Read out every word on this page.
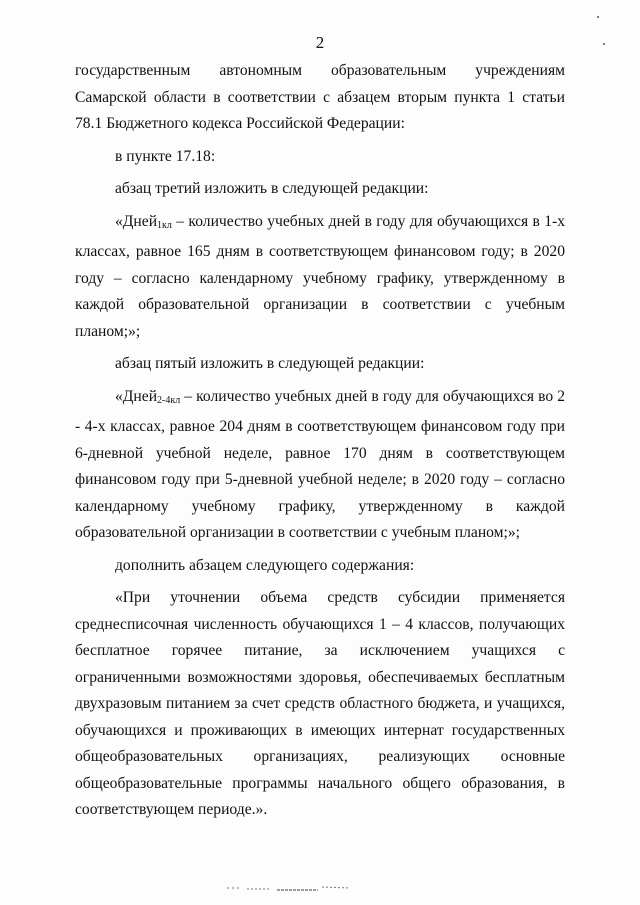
2

государственным автономным образовательным учреждениям Самарской области в соответствии с абзацем вторым пункта 1 статьи 78.1 Бюджетного кодекса Российской Федерации:

в пункте 17.18:

абзац третий изложить в следующей редакции:

«Дней$_{1кл}$ – количество учебных дней в году для обучающихся в 1-х классах, равное 165 дням в соответствующем финансовом году; в 2020 году – согласно календарному учебному графику, утвержденному в каждой образовательной организации в соответствии с учебным планом;»;

абзац пятый изложить в следующей редакции:

«Дней$_{2-4кл}$ – количество учебных дней в году для обучающихся во 2 - 4-х классах, равное 204 дням в соответствующем финансовом году при 6-дневной учебной неделе, равное 170 дням в соответствующем финансовом году при 5-дневной учебной неделе; в 2020 году – согласно календарному учебному графику, утвержденному в каждой образовательной организации в соответствии с учебным планом;»;

дополнить абзацем следующего содержания:

«При уточнении объема средств субсидии применяется среднесписочная численность обучающихся 1 – 4 классов, получающих бесплатное горячее питание, за исключением учащихся с ограниченными возможностями здоровья, обеспечиваемых бесплатным двухразовым питанием за счет средств областного бюджета, и учащихся, обучающихся и проживающих в имеющих интернат государственных общеобразовательных организациях, реализующих основные общеобразовательные программы начального общего образования, в соответствующем периоде.».
